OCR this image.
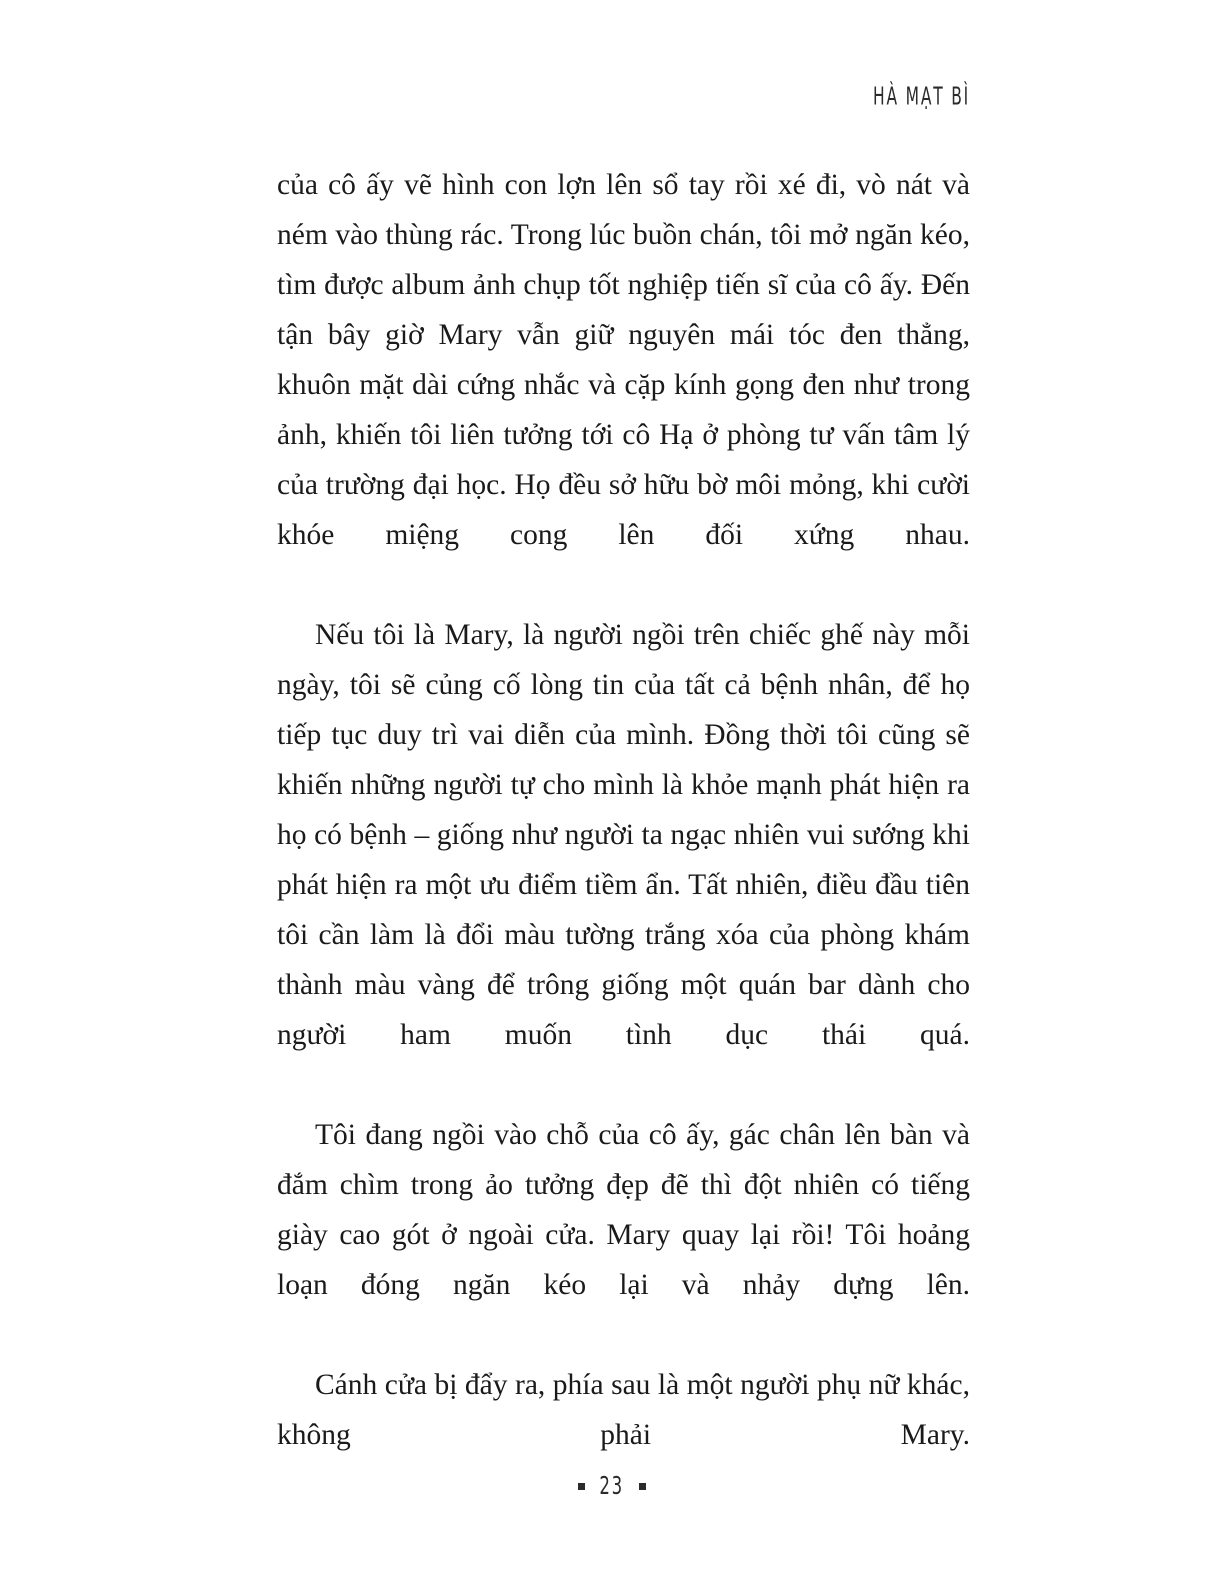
HÀ MẠT BÌ

của cô ấy vẽ hình con lợn lên sổ tay rồi xé đi, vò nát và ném vào thùng rác. Trong lúc buồn chán, tôi mở ngăn kéo, tìm được album ảnh chụp tốt nghiệp tiến sĩ của cô ấy. Đến tận bây giờ Mary vẫn giữ nguyên mái tóc đen thẳng, khuôn mặt dài cứng nhắc và cặp kính gọng đen như trong ảnh, khiến tôi liên tưởng tới cô Hạ ở phòng tư vấn tâm lý của trường đại học. Họ đều sở hữu bờ môi mỏng, khi cười khóe miệng cong lên đối xứng nhau.

Nếu tôi là Mary, là người ngồi trên chiếc ghế này mỗi ngày, tôi sẽ củng cố lòng tin của tất cả bệnh nhân, để họ tiếp tục duy trì vai diễn của mình. Đồng thời tôi cũng sẽ khiến những người tự cho mình là khỏe mạnh phát hiện ra họ có bệnh – giống như người ta ngạc nhiên vui sướng khi phát hiện ra một ưu điểm tiềm ẩn. Tất nhiên, điều đầu tiên tôi cần làm là đổi màu tường trắng xóa của phòng khám thành màu vàng để trông giống một quán bar dành cho người ham muốn tình dục thái quá.

Tôi đang ngồi vào chỗ của cô ấy, gác chân lên bàn và đắm chìm trong ảo tưởng đẹp đẽ thì đột nhiên có tiếng giày cao gót ở ngoài cửa. Mary quay lại rồi! Tôi hoảng loạn đóng ngăn kéo lại và nhảy dựng lên.

Cánh cửa bị đẩy ra, phía sau là một người phụ nữ khác, không phải Mary.

23
